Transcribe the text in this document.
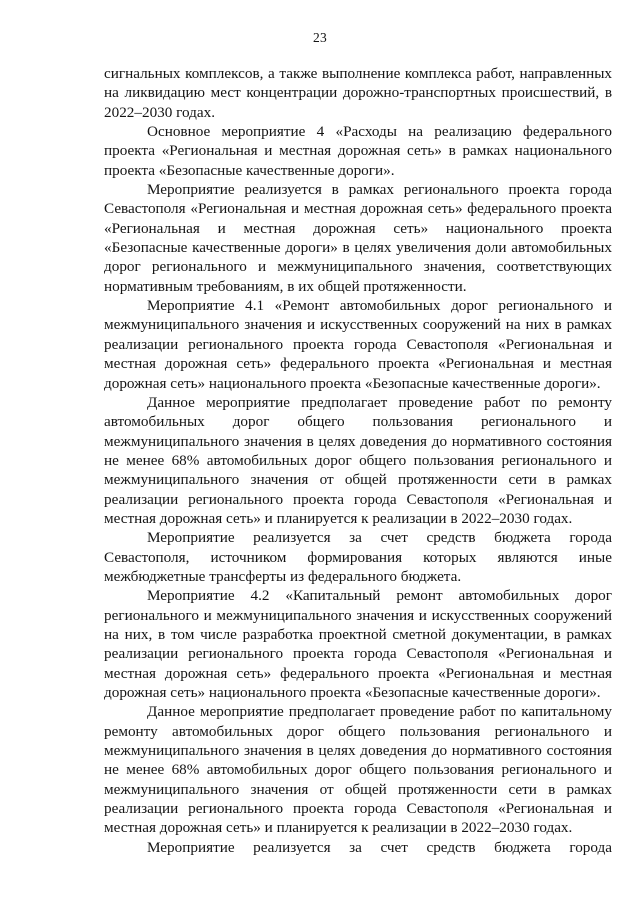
23

сигнальных комплексов, а также выполнение комплекса работ, направленных на ликвидацию мест концентрации дорожно-транспортных происшествий, в 2022–2030 годах.

Основное мероприятие 4 «Расходы на реализацию федерального проекта «Региональная и местная дорожная сеть» в рамках национального проекта «Безопасные качественные дороги».

Мероприятие реализуется в рамках регионального проекта города Севастополя «Региональная и местная дорожная сеть» федерального проекта «Региональная и местная дорожная сеть» национального проекта «Безопасные качественные дороги» в целях увеличения доли автомобильных дорог регионального и межмуниципального значения, соответствующих нормативным требованиям, в их общей протяженности.

Мероприятие 4.1 «Ремонт автомобильных дорог регионального и межмуниципального значения и искусственных сооружений на них в рамках реализации регионального проекта города Севастополя «Региональная и местная дорожная сеть» федерального проекта «Региональная и местная дорожная сеть» национального проекта «Безопасные качественные дороги».

Данное мероприятие предполагает проведение работ по ремонту автомобильных дорог общего пользования регионального и межмуниципального значения в целях доведения до нормативного состояния не менее 68% автомобильных дорог общего пользования регионального и межмуниципального значения от общей протяженности сети в рамках реализации регионального проекта города Севастополя «Региональная и местная дорожная сеть» и планируется к реализации в 2022–2030 годах.

Мероприятие реализуется за счет средств бюджета города Севастополя, источником формирования которых являются иные межбюджетные трансферты из федерального бюджета.

Мероприятие 4.2 «Капитальный ремонт автомобильных дорог регионального и межмуниципального значения и искусственных сооружений на них, в том числе разработка проектной сметной документации, в рамках реализации регионального проекта города Севастополя «Региональная и местная дорожная сеть» федерального проекта «Региональная и местная дорожная сеть» национального проекта «Безопасные качественные дороги».

Данное мероприятие предполагает проведение работ по капитальному ремонту автомобильных дорог общего пользования регионального и межмуниципального значения в целях доведения до нормативного состояния не менее 68% автомобильных дорог общего пользования регионального и межмуниципального значения от общей протяженности сети в рамках реализации регионального проекта города Севастополя «Региональная и местная дорожная сеть» и планируется к реализации в 2022–2030 годах.

Мероприятие реализуется за счет средств бюджета города
